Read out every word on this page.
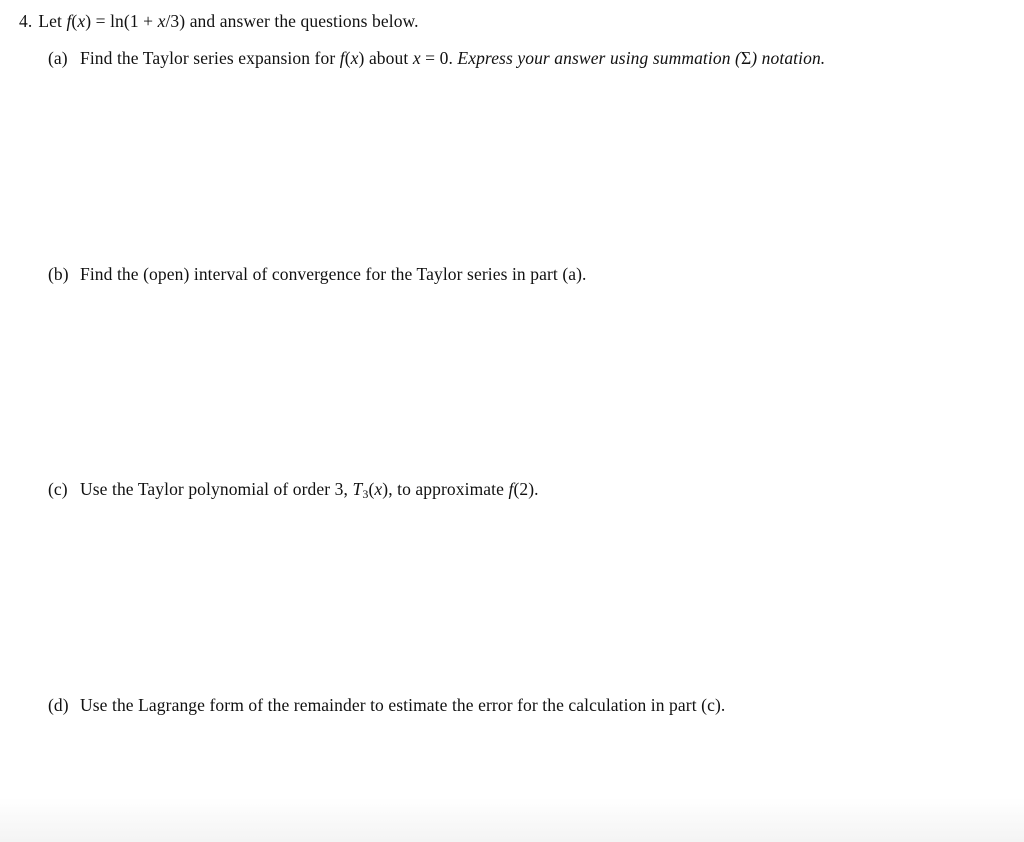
4. Let f(x) = ln(1 + x/3) and answer the questions below.
(a) Find the Taylor series expansion for f(x) about x = 0. Express your answer using summation (Σ) notation.
(b) Find the (open) interval of convergence for the Taylor series in part (a).
(c) Use the Taylor polynomial of order 3, $T_3(x)$, to approximate f(2).
(d) Use the Lagrange form of the remainder to estimate the error for the calculation in part (c).
